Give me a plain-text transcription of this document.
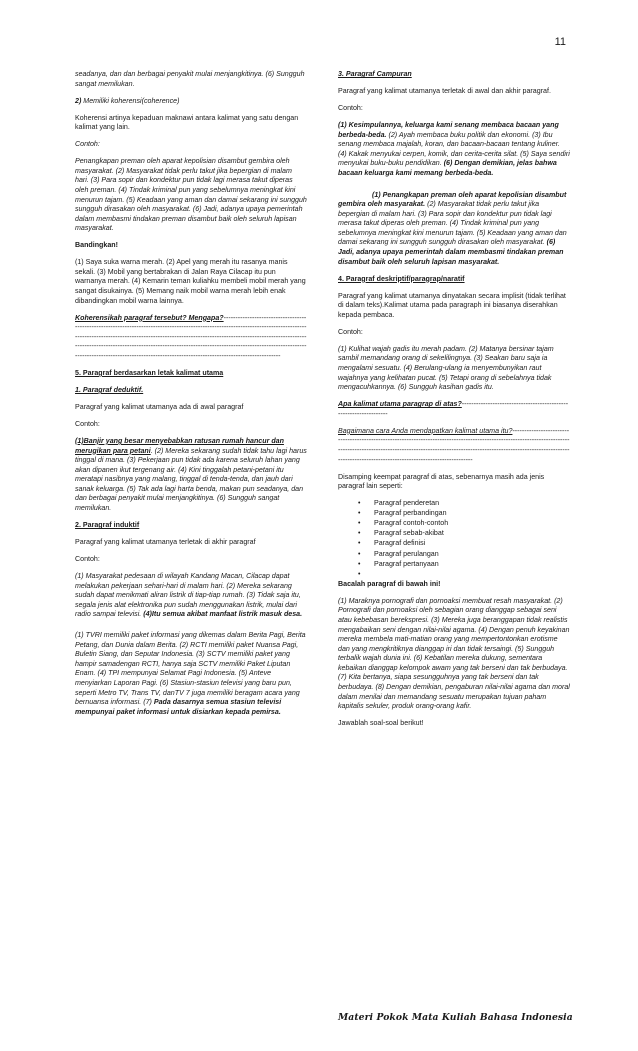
11

seadanya, dan dan berbagai penyakit mulai menjangkitinya. (6) Sungguh sangat memilukan.

2) Memiliki koherensi(coherence)

Koherensi artinya kepaduan maknawi antara kalimat yang satu dengan kalimat yang lain.

Contoh:

Penangkapan preman oleh aparat kepolisian disambut gembira oleh masyarakat. (2) Masyarakat tidak perlu takut jika bepergian di malam hari. (3) Para sopir dan kondektur pun tidak lagi merasa takut diperas oleh preman. (4) Tindak kriminal pun yang sebelumnya meningkat kini menurun tajam. (5) Keadaan yang aman dan damai sekarang ini sungguh sungguh dirasakan oleh masyarakat. (6) Jadi, adanya upaya pemerintah dalam membasmi tindakan preman disambut baik oleh seluruh lapisan masyarakat.

Bandingkan!

(1) Saya suka warna merah. (2) Apel yang merah itu rasanya manis sekali. (3) Mobil yang bertabrakan di Jalan Raya Cilacap itu pun warnanya merah. (4) Kemarin teman kuliahku membeli mobil merah yang sangat disukainya. (5) Memang naik mobil warna merah lebih enak dibandingkan mobil warna lainnya.

Koherensikah paragraf tersebut? Mengapa?--------------------------------------------------------------------------------------------------------------------------------------------------------------------------------------------------------------------------------------------------------------------------------------------------------------------------------------------------------------------------------------------------------------------------------

5. Paragraf berdasarkan letak kalimat utama

1. Paragraf deduktif.

Paragraf yang kalimat utamanya ada di awal paragraf

Contoh:

(1)Banjir yang besar menyebabkan ratusan rumah hancur dan merugikan para petani. (2) Mereka sekarang sudah tidak tahu lagi harus tinggal di mana. (3) Pekerjaan pun tidak ada karena seluruh lahan yang akan dipanen ikut tergenang air. (4) Kini tinggalah petani-petani itu meratapi nasibnya yang malang, tinggal di tenda-tenda, dan jauh dari sanak keluarga. (5) Tak ada lagi harta benda, makan pun seadanya, dan dan berbagai penyakit mulai menjangkitinya. (6) Sungguh sangat memilukan.

2. Paragraf induktif

Paragraf yang kalimat utamanya terletak di akhir paragraf

Contoh:

(1) Masyarakat pedesaan di wilayah Kandang Macan, Cilacap dapat melakukan pekerjaan sehari-hari di malam hari. (2) Mereka sekarang sudah dapat menikmati aliran listrik di tiap-tiap rumah. (3) Tidak saja itu, segala jenis alat elektronika pun sudah menggunakan listrik, mulai dari radio sampai televisi. (4)Itu semua akibat manfaat listrik masuk desa.

(1) TVRI memiliki paket informasi yang dikemas dalam Berita Pagi, Berita Petang, dan Dunia dalam Berita. (2) RCTI memiliki paket Nuansa Pagi, Buletin Siang, dan Seputar Indonesia. (3) SCTV memiliki paket yang hampir samadengan RCTI, hanya saja SCTV memiliki Paket Liputan Enam. (4) TPI mempunyai Selamat Pagi Indonesia. (5) Anteve menyiarkan Laporan Pagi. (6) Stasiun-stasiun televisi yang baru pun, seperti Metro TV, Trans TV, danTV 7 juga memiliki beragam acara yang bernuansa informasi. (7) Pada dasarnya semua stasiun televisi mempunyai paket informasi untuk disiarkan kepada pemirsa.

3. Paragraf Campuran

Paragraf yang kalimat utamanya terletak di awal dan akhir paragraf.

Contoh:

(1) Kesimpulannya, keluarga kami senang membaca bacaan yang berbeda-beda. (2) Ayah membaca buku politik dan ekonomi. (3) Ibu senang membaca majalah, koran, dan bacaan-bacaan tentang kuliner. (4) Kakak menyukai cerpen, komik, dan cerita-cerita silat. (5) Saya sendiri menyukai buku-buku pendidikan. (6) Dengan demikian, jelas bahwa bacaan keluarga kami memang berbeda-beda.

(1) Penangkapan preman oleh aparat kepolisian disambut gembira oleh masyarakat. (2) Masyarakat tidak perlu takut jika bepergian di malam hari. (3) Para sopir dan kondektur pun tidak lagi merasa takut diperas oleh preman. (4) Tindak kriminal pun yang sebelumnya meningkat kini menurun tajam. (5) Keadaan yang aman dan damai sekarang ini sungguh sungguh dirasakan oleh masyarakat. (6) Jadi, adanya upaya pemerintah dalam membasmi tindakan preman disambut baik oleh seluruh lapisan masyarakat.

4. Paragraf deskriptif/paragrap/naratif

Paragraf yang kalimat utamanya dinyatakan secara implisit (tidak terlihat di dalam teks).Kalimat utama pada paragraph ini biasanya diserahkan kepada pembaca.

Contoh:

(1) Kulihat wajah gadis itu merah padam. (2) Matanya bersinar tajam sambil memandang orang di sekelilingnya. (3) Seakan baru saja ia mengalami sesuatu. (4) Berulang-ulang ia menyembunyikan raut wajahnya yang kelihatan pucat. (5) Tetapi orang di sebelahnya tidak mengacuhkannya. (6) Sungguh kasihan gadis itu.

Apa kalimat utama paragrap di atas?------------------------------------------------------------------

Bagaimana cara Anda mendapatkan kalimat utama itu?-------------------------------------------------------------------------------------------------------------------------------------------------------------------------------------------------------------------------------------------------------------------------------------

Disamping keempat paragraf di atas, sebenarnya masih ada jenis paragraf lain seperti:

• Paragraf penderetan
• Paragraf perbandingan
• Paragraf contoh-contoh
• Paragraf sebab-akibat
• Paragraf definisi
• Paragraf perulangan
• Paragraf pertanyaan
•

Bacalah paragraf di bawah ini!

(1) Maraknya pornografi dan pornoaksi membuat resah masyarakat. (2) Pornografi dan pornoaksi oleh sebagian orang dianggap sebagai seni atau kebebasan berekspresi. (3) Mereka juga beranggapan tidak realistis mengabaikan seni dengan nilai-nilai agama. (4) Dengan penuh keyakinan mereka membela mati-matian orang yang mempertontonkan erotisme dan yang mengkritiknya dianggap iri dan tidak tersaingi. (5) Sungguh terbalik wajah dunia ini. (6) Kebatilan mereka dukung, sementara kebaikan dianggap kelompok awam yang tak berseni dan tak berbudaya. (7) Kita bertanya, siapa sesungguhnya yang tak berseni dan tak berbudaya. (8) Dengan demikian, pengaburan nilai-nilai agama dan moral dalam menilai dan memandang sesuatu merupakan tujuan paham kapitalis sekuler, produk orang-orang kafir.

Jawablah soal-soal berikut!

Materi Pokok Mata Kuliah Bahasa Indonesia
